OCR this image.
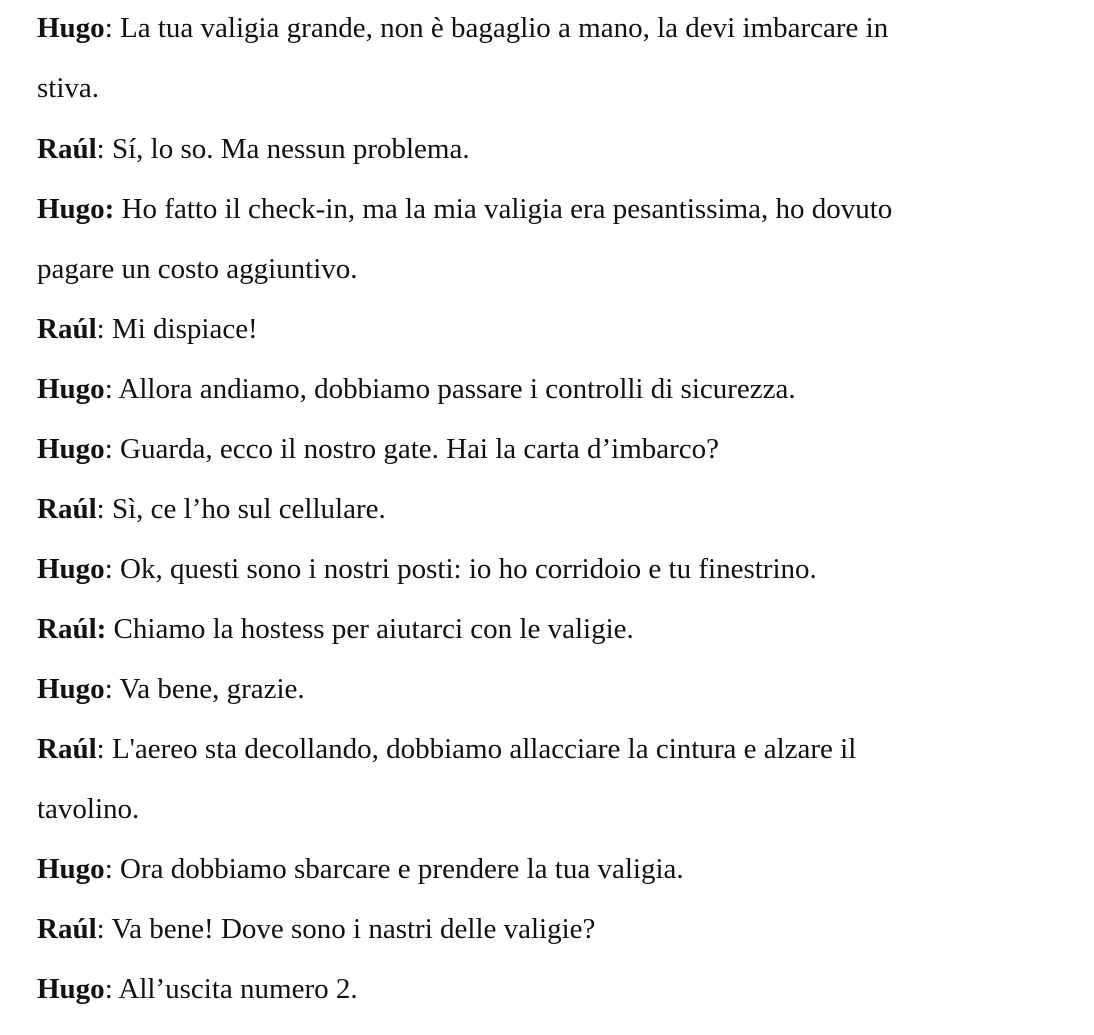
Hugo: La tua valigia grande, non è bagaglio a mano, la devi imbarcare in
stiva.
Raúl: Sí, lo so. Ma nessun problema.
Hugo: Ho fatto il check-in, ma la mia valigia era pesantissima, ho dovuto
pagare un costo aggiuntivo.
Raúl: Mi dispiace!
Hugo: Allora andiamo, dobbiamo passare i controlli di sicurezza.
Hugo: Guarda, ecco il nostro gate. Hai la carta d’imbarco?
Raúl: Sì, ce l’ho sul cellulare.
Hugo: Ok, questi sono i nostri posti: io ho corridoio e tu finestrino.
Raúl: Chiamo la hostess per aiutarci con le valigie.
Hugo: Va bene, grazie.
Raúl: L'aereo sta decollando, dobbiamo allacciare la cintura e alzare il
tavolino.
Hugo: Ora dobbiamo sbarcare e prendere la tua valigia.
Raúl: Va bene! Dove sono i nastri delle valigie?
Hugo: All’uscita numero 2.
